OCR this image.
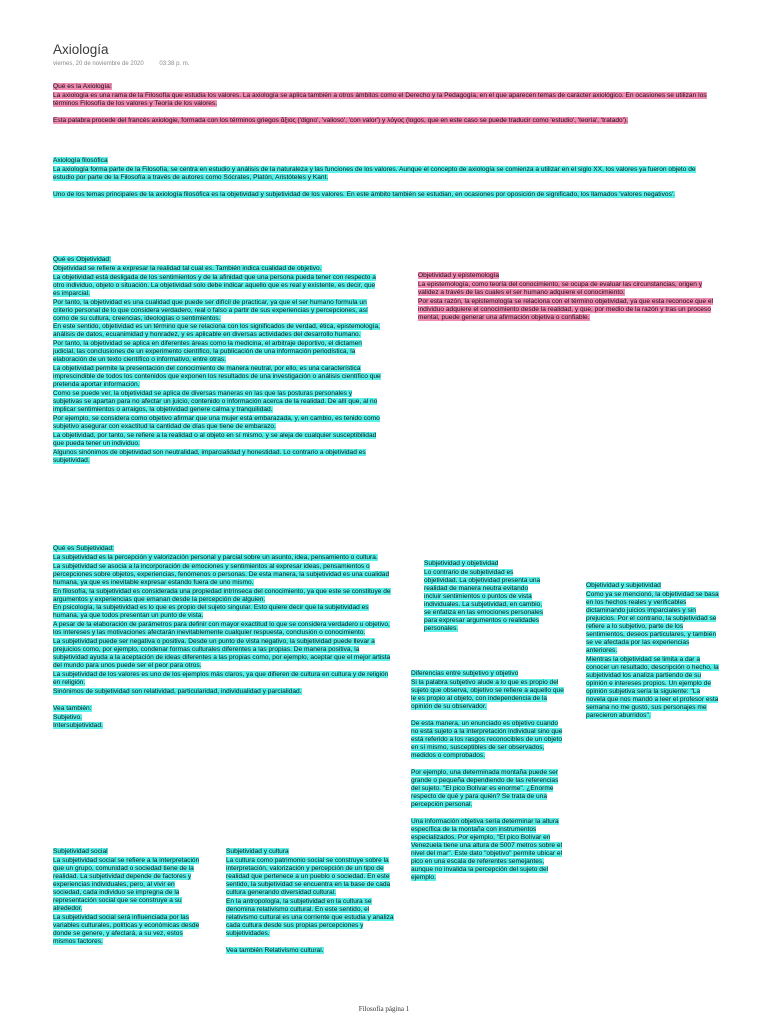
Axiología
viernes, 20 de noviembre de 2020	03:38 p. m.

Qué es la Axiología:

La axiología es una rama de la Filosofía que estudia los valores. La axiología se aplica también a otros ámbitos como el Derecho y la Pedagogía, en el que aparecen temas de carácter axiológico. En ocasiones se utilizan los términos Filosofía de los valores y Teoría de los valores.

Esta palabra procede del francés axiologie, formada con los términos griegos ἄξιος ('digno', 'valioso', 'con valor') y λόγος (logos, que en este caso se puede traducir como 'estudio', 'teoría', 'tratado').

Axiología filosófica

La axiología forma parte de la Filosofía, se centra en estudio y análisis de la naturaleza y las funciones de los valores. Aunque el concepto de axiología se comienza a utilizar en el siglo XX, los valores ya fueron objeto de estudio por parte de la Filosofía a través de autores como Sócrates, Platón, Aristóteles y Kant.

Uno de los temas principales de la axiología filosófica es la objetividad y subjetividad de los valores. En este ámbito también se estudian, en ocasiones por oposición de significado, los llamados 'valores negativos'.

Qué es Objetividad:

Objetividad se refiere a expresar la realidad tal cual es. También indica cualidad de objetivo.

La objetividad está desligada de los sentimientos y de la afinidad que una persona pueda tener con respecto a otro individuo, objeto o situación. La objetividad solo debe indicar aquello que es real y existente, es decir, que es imparcial.

Por tanto, la objetividad es una cualidad que puede ser difícil de practicar, ya que el ser humano formula un criterio personal de lo que considera verdadero, real o falso a partir de sus experiencias y percepciones, así como de su cultura, creencias, ideologías o sentimientos.

En este sentido, objetividad es un término que se relaciona con los significados de verdad, ética, epistemología, análisis de datos, ecuanimidad y honradez, y es aplicable en diversas actividades del desarrollo humano.

Por tanto, la objetividad se aplica en diferentes áreas como la medicina, el arbitraje deportivo, el dictamen judicial, las conclusiones de un experimento científico, la publicación de una información periodística, la elaboración de un texto científico o informativo, entre otras.

La objetividad permite la presentación del conocimiento de manera neutral, por ello, es una característica imprescindible de todos los contenidos que exponen los resultados de una investigación o análisis científico que pretenda aportar información.

Como se puede ver, la objetividad se aplica de diversas maneras en las que las posturas personales y subjetivas se apartan para no afectar un juicio, contenido o información acerca de la realidad. De allí que, al no implicar sentimientos o arraigos, la objetividad genere calma y tranquilidad.

Por ejemplo, se considera como objetivo afirmar que una mujer está embarazada, y, en cambio, es tenido como subjetivo asegurar con exactitud la cantidad de días que tiene de embarazo.

La objetividad, por tanto, se refiere a la realidad o al objeto en sí mismo, y se aleja de cualquier susceptibilidad que pueda tener un individuo.

Algunos sinónimos de objetividad son neutralidad, imparcialidad y honestidad. Lo contrario a objetividad es subjetividad.

Objetividad y epistemología

La epistemología, como teoría del conocimiento, se ocupa de evaluar las circunstancias, origen y validez a través de las cuales el ser humano adquiere el conocimiento.

Por esta razón, la epistemología se relaciona con el término objetividad, ya que esta reconoce que el individuo adquiere el conocimiento desde la realidad, y que, por medio de la razón y tras un proceso mental, puede generar una afirmación objetiva o confiable.

Qué es Subjetividad:

La subjetividad es la percepción y valorización personal y parcial sobre un asunto, idea, pensamiento o cultura.

La subjetividad se asocia a la incorporación de emociones y sentimientos al expresar ideas, pensamientos o percepciones sobre objetos, experiencias, fenómenos o personas. De esta manera, la subjetividad es una cualidad humana, ya que es inevitable expresar estando fuera de uno mismo.

En filosofía, la subjetividad es considerada una propiedad intrínseca del conocimiento, ya que este se constituye de argumentos y experiencias que emanan desde la percepción de alguien.

En psicología, la subjetividad es lo que es propio del sujeto singular. Esto quiere decir que la subjetividad es humana, ya que todos presentan un punto de vista.

A pesar de la elaboración de parámetros para definir con mayor exactitud lo que se considera verdadero u objetivo, los intereses y las motivaciones afectarán inevitablemente cualquier respuesta, conclusión o conocimiento.

La subjetividad puede ser negativa o positiva. Desde un punto de vista negativo, la subjetividad puede llevar a prejuicios como, por ejemplo, condenar formas culturales diferentes a las propias. De manera positiva, la subjetividad ayuda a la aceptación de ideas diferentes a las propias como, por ejemplo, aceptar que el mejor artista del mundo para unos puede ser el peor para otros.

La subjetividad de los valores es uno de los ejemplos más claros, ya que difieren de cultura en cultura y de religión en religión.

Sinónimos de subjetividad son relatividad, particularidad, individualidad y parcialidad.

Vea también:

Subjetivo.

Intersubjetividad.

Subjetividad y objetividad

Lo contrario de subjetividad es objetividad. La objetividad presenta una realidad de manera neutra evitando incluir sentimientos o puntos de vista individuales. La subjetividad, en cambio, se enfatiza en las emociones personales para expresar argumentos o realidades personales.

Diferencias entre subjetivo y objetivo

Si la palabra subjetivo alude a lo que es propio del sujeto que observa, objetivo se refiere a aquello que le es propio al objeto, con independencia de la opinión de su observador.

De esta manera, un enunciado es objetivo cuando no está sujeto a la interpretación individual sino que está referido a los rasgos reconocibles de un objeto en sí mismo, susceptibles de ser observados, medidos o comprobados.

Por ejemplo, una determinada montaña puede ser grande o pequeña dependiendo de las referencias del sujeto. "El pico Bolívar es enorme". ¿Enorme respecto de qué y para quién? Se trata de una percepción personal.

Una información objetiva sería determinar la altura específica de la montaña con instrumentos especializados. Por ejemplo, "El pico Bolívar en Venezuela tiene una altura de 5007 metros sobre el nivel del mar". Este dato "objetivo" permite ubicar el pico en una escala de referentes semejantes, aunque no invalida la percepción del sujeto del ejemplo.

Objetividad y subjetividad

Como ya se mencionó, la objetividad se basa en los hechos reales y verificables dictaminando juicios imparciales y sin prejuicios. Por el contrario, la subjetividad se refiere a lo subjetivo, parte de los sentimientos, deseos particulares, y también se ve afectada por las experiencias anteriores.

Mientras la objetividad se limita a dar a conocer un resultado, descripción o hecho, la subjetividad los analiza partiendo de su opinión e intereses propios. Un ejemplo de opinión subjetiva sería la siguiente: "La novela que nos mandó a leer el profesor esta semana no me gustó, sus personajes me parecieron aburridos".

Subjetividad social

La subjetividad social se refiere a la interpretación que un grupo, comunidad o sociedad tiene de la realidad. La subjetividad depende de factores y experiencias individuales, pero, al vivir en sociedad, cada individuo se impregna de la representación social que se construye a su alrededor.

La subjetividad social será influenciada por las variables culturales, políticas y económicas desde donde se genere, y afectará, a su vez, estos mismos factores.

Subjetividad y cultura

La cultura como patrimonio social se construye sobre la interpretación, valorización y percepción de un tipo de realidad que pertenece a un pueblo o sociedad. En este sentido, la subjetividad se encuentra en la base de cada cultura generando diversidad cultural.

En la antropología, la subjetividad en la cultura se denomina relativismo cultural. En este sentido, el relativismo cultural es una corriente que estudia y analiza cada cultura desde sus propias percepciones y subjetividades.

Vea también Relativismo cultural.

Filosofía página 1
